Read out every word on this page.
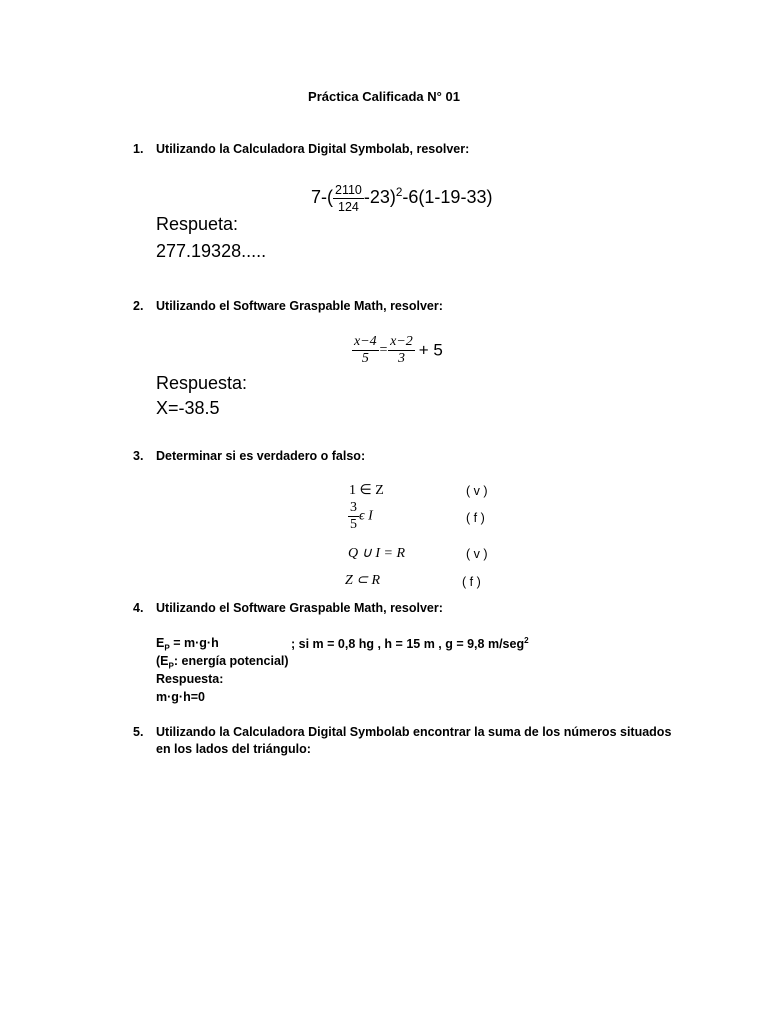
Práctica Calificada N° 01
1. Utilizando la Calculadora Digital Symbolab, resolver:
$7-( \frac{2110}{124} -23)^2-6(1-19-33)$
Respueta:
277.19328.....
2. Utilizando el Software Graspable Math, resolver:
$\frac{x-4}{5} = \frac{x-2}{3} + 5$
Respuesta:
X=-38.5
3. Determinar si es verdadero o falso:
1 ∈ Z	( v )
$\frac{3}{5}$ ϵ I	( f )
Q ∪ I = R	( v )
Z ⊂ R	( f )
4. Utilizando el Software Graspable Math, resolver:
$E_P = m\cdot g\cdot h$	; si m = 0,8 hg , h = 15 m , g = 9,8 m/seg$^2$
($E_P$: energía potencial)
Respuesta:
m·g·h=0
5. Utilizando la Calculadora Digital Symbolab encontrar la suma de los números situados
en los lados del triángulo:
